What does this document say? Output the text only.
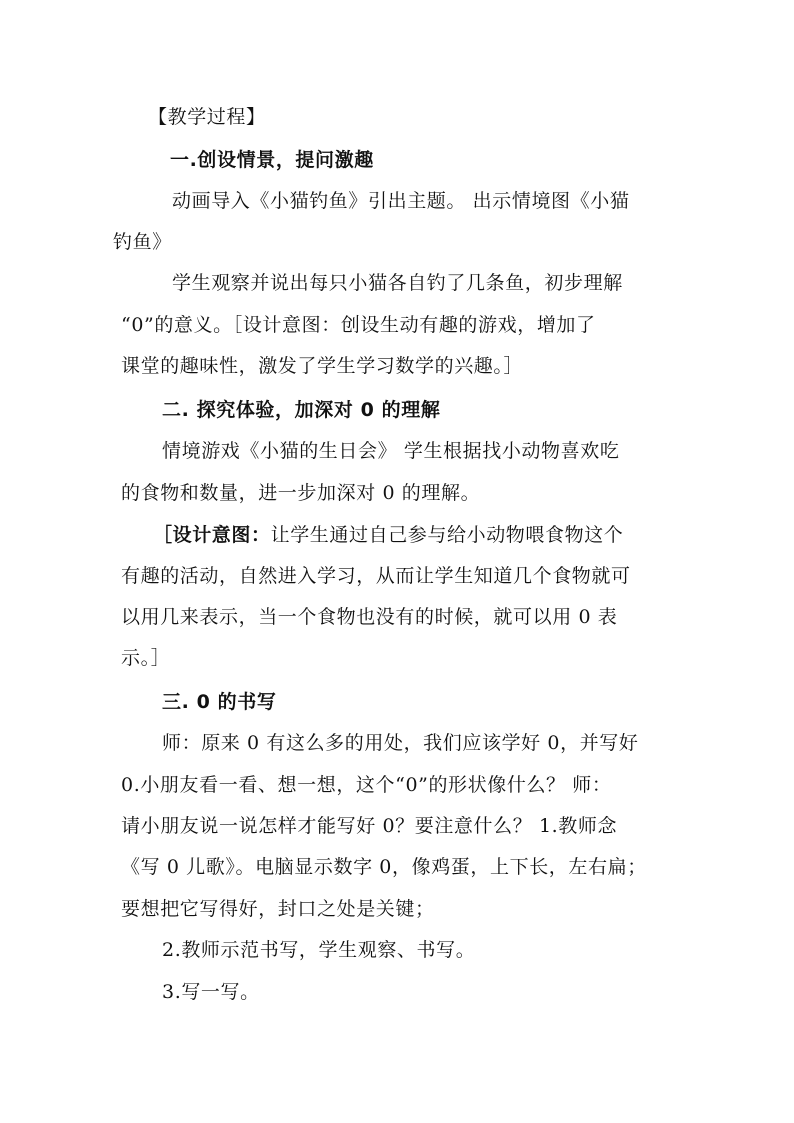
【教学过程】
一.创设情景，提问激趣
动画导入《小猫钓鱼》引出主题。 出示情境图《小猫
钓鱼》
学生观察并说出每只小猫各自钓了几条鱼，初步理解
“0”的意义。［设计意图：创设生动有趣的游戏，增加了
课堂的趣味性，激发了学生学习数学的兴趣。］
二. 探究体验，加深对 0 的理解
情境游戏《小猫的生日会》 学生根据找小动物喜欢吃
的食物和数量，进一步加深对 0 的理解。
［设计意图：让学生通过自己参与给小动物喂食物这个
有趣的活动，自然进入学习，从而让学生知道几个食物就可
以用几来表示，当一个食物也没有的时候，就可以用 0 表
示。］
三. 0 的书写
师：原来 0 有这么多的用处，我们应该学好 0，并写好
0.小朋友看一看、想一想，这个“0”的形状像什么？ 师：
请小朋友说一说怎样才能写好 0？要注意什么？ 1.教师念
《写 0 儿歌》。电脑显示数字 0，像鸡蛋，上下长，左右扁；
要想把它写得好，封口之处是关键；
2.教师示范书写，学生观察、书写。
3.写一写。
